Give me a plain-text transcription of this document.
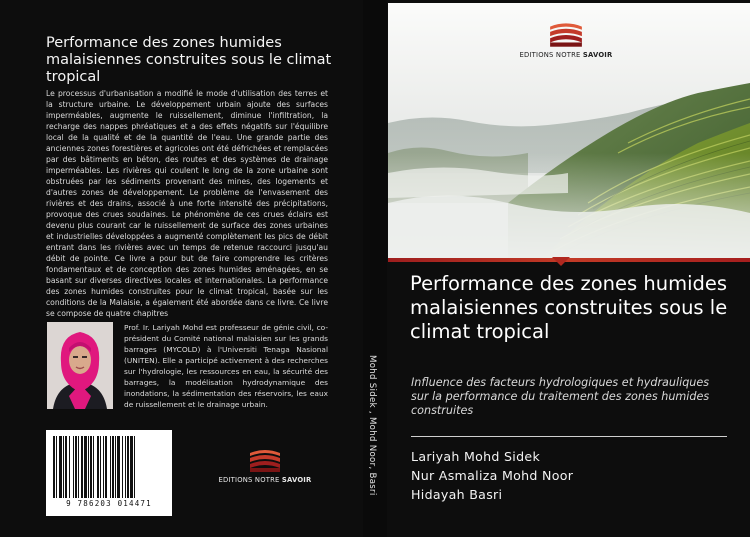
Performance des zones humides malaisiennes construites sous le climat tropical
Le processus d'urbanisation a modifié le mode d'utilisation des terres et la structure urbaine. Le développement urbain ajoute des surfaces imperméables, augmente le ruissellement, diminue l'infiltration, la recharge des nappes phréatiques et a des effets négatifs sur l'équilibre local de la qualité et de la quantité de l'eau. Une grande partie des anciennes zones forestières et agricoles ont été défrichées et remplacées par des bâtiments en béton, des routes et des systèmes de drainage imperméables. Les rivières qui coulent le long de la zone urbaine sont obstruées par les sédiments provenant des mines, des logements et d'autres zones de développement. Le problème de l'envasement des rivières et des drains, associé à une forte intensité des précipitations, provoque des crues soudaines. Le phénomène de ces crues éclairs est devenu plus courant car le ruissellement de surface des zones urbaines et industrielles développées a augmenté complètement les pics de débit entrant dans les rivières avec un temps de retenue raccourci jusqu'au débit de pointe. Ce livre a pour but de faire comprendre les critères fondamentaux et de conception des zones humides aménagées, en se basant sur diverses directives locales et internationales. La performance des zones humides construites pour le climat tropical, basée sur les conditions de la Malaisie, a également été abordée dans ce livre. Ce livre se compose de quatre chapitres
Prof. Ir. Lariyah Mohd est professeur de génie civil, co-président du Comité national malaisien sur les grands barrages (MYCOLD) à l'Universiti Tenaga Nasional (UNITEN). Elle a participé activement à des recherches sur l'hydrologie, les ressources en eau, la sécurité des barrages, la modélisation hydrodynamique des inondations, la sédimentation des réservoirs, les eaux de ruissellement et le drainage urbain.
9 786203 014471
EDITIONS NOTRE SAVOIR	Mohd Sidek , Mohd Noor, Basri
EDITIONS NOTRE SAVOIR
Performance des zones humides malaisiennes construites sous le climat tropical
Influence des facteurs hydrologiques et hydrauliques sur la performance du traitement des zones humides construites
Lariyah Mohd Sidek
Nur Asmaliza Mohd Noor
Hidayah Basri
